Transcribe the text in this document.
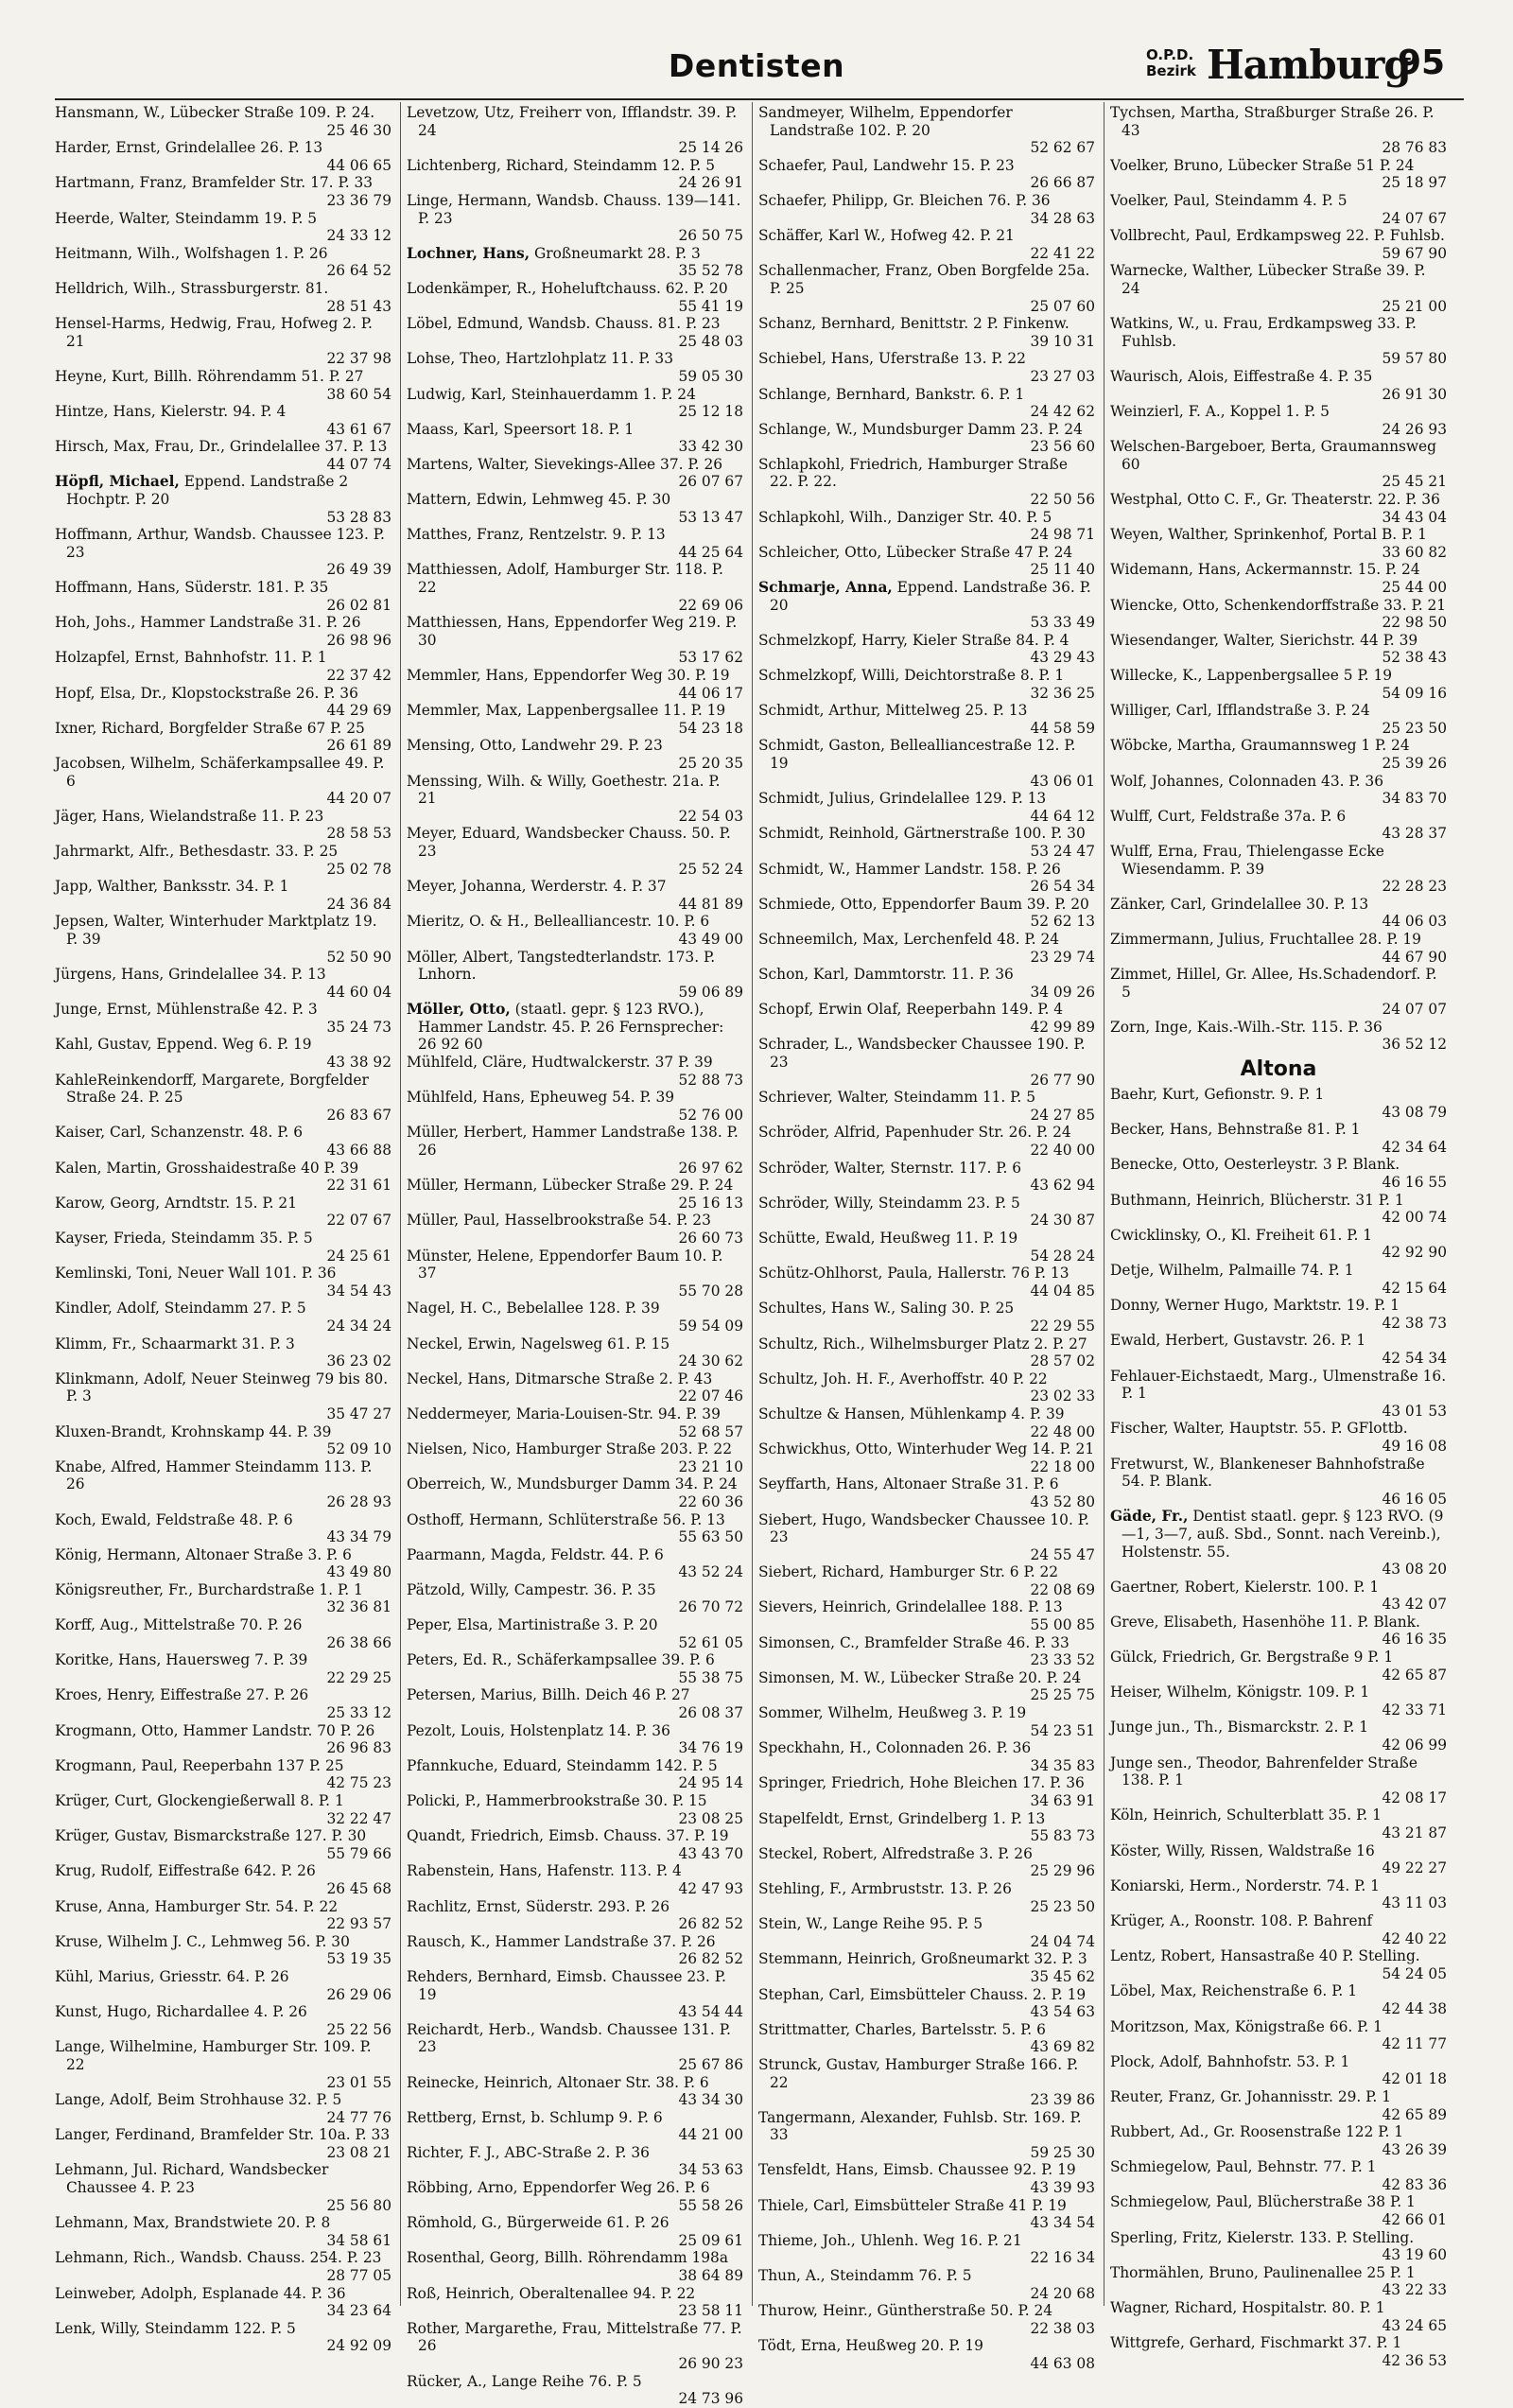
Dentisten	O.P.D.
Bezirk Hamburg
95
Hansmann, W., Lübecker Straße 109. P. 24.
25 46 30
Harder, Ernst, Grindelallee 26. P. 13
44 06 65
Hartmann, Franz, Bramfelder Str. 17. P. 33
23 36 79
Heerde, Walter, Steindamm 19. P. 5
24 33 12
Heitmann, Wilh., Wolfshagen 1. P. 26
26 64 52
Helldrich, Wilh., Strassburgerstr. 81.
28 51 43
Hensel-Harms, Hedwig, Frau, Hofweg 2. P. 21
22 37 98
Heyne, Kurt, Billh. Röhrendamm 51. P. 27
38 60 54
Hintze, Hans, Kielerstr. 94. P. 4
43 61 67
Hirsch, Max, Frau, Dr., Grindelallee 37. P. 13
44 07 74
Höpfl, Michael, Eppend. Landstraße 2 Hochptr. P. 20
53 28 83
Hoffmann, Arthur, Wandsb. Chaussee 123. P. 23
26 49 39
Hoffmann, Hans, Süderstr. 181. P. 35
26 02 81
Hoh, Johs., Hammer Landstraße 31. P. 26
26 98 96
Holzapfel, Ernst, Bahnhofstr. 11. P. 1
22 37 42
Hopf, Elsa, Dr., Klopstockstraße 26. P. 36
44 29 69
Ixner, Richard, Borgfelder Straße 67 P. 25
26 61 89
Jacobsen, Wilhelm, Schäferkampsallee 49. P. 6
44 20 07
Jäger, Hans, Wielandstraße 11. P. 23
28 58 53
Jahrmarkt, Alfr., Bethesdastr. 33. P. 25
25 02 78
Japp, Walther, Banksstr. 34. P. 1
24 36 84
Jepsen, Walter, Winterhuder Marktplatz 19. P. 39
52 50 90
Jürgens, Hans, Grindelallee 34. P. 13
44 60 04
Junge, Ernst, Mühlenstraße 42. P. 3
35 24 73
Kahl, Gustav, Eppend. Weg 6. P. 19
43 38 92
KahleReinkendorff, Margarete, Borgfelder Straße 24. P. 25
26 83 67
Kaiser, Carl, Schanzenstr. 48. P. 6
43 66 88
Kalen, Martin, Grosshaidestraße 40 P. 39
22 31 61
Karow, Georg, Arndtstr. 15. P. 21
22 07 67
Kayser, Frieda, Steindamm 35. P. 5
24 25 61
Kemlinski, Toni, Neuer Wall 101. P. 36
34 54 43
Kindler, Adolf, Steindamm 27. P. 5
24 34 24
Klimm, Fr., Schaarmarkt 31. P. 3
36 23 02
Klinkmann, Adolf, Neuer Steinweg 79 bis 80. P. 3
35 47 27
Kluxen-Brandt, Krohnskamp 44. P. 39
52 09 10
Knabe, Alfred, Hammer Steindamm 113. P. 26
26 28 93
Koch, Ewald, Feldstraße 48. P. 6
43 34 79
König, Hermann, Altonaer Straße 3. P. 6
43 49 80
Königsreuther, Fr., Burchardstraße 1. P. 1
32 36 81
Korff, Aug., Mittelstraße 70. P. 26
26 38 66
Koritke, Hans, Hauersweg 7. P. 39
22 29 25
Kroes, Henry, Eiffestraße 27. P. 26
25 33 12
Krogmann, Otto, Hammer Landstr. 70 P. 26
26 96 83
Krogmann, Paul, Reeperbahn 137 P. 25
42 75 23
Krüger, Curt, Glockengießerwall 8. P. 1
32 22 47
Krüger, Gustav, Bismarckstraße 127. P. 30
55 79 66
Krug, Rudolf, Eiffestraße 642. P. 26
26 45 68
Kruse, Anna, Hamburger Str. 54. P. 22
22 93 57
Kruse, Wilhelm J. C., Lehmweg 56. P. 30
53 19 35
Kühl, Marius, Griesstr. 64. P. 26
26 29 06
Kunst, Hugo, Richardallee 4. P. 26
25 22 56
Lange, Wilhelmine, Hamburger Str. 109. P. 22
23 01 55
Lange, Adolf, Beim Strohhause 32. P. 5
24 77 76
Langer, Ferdinand, Bramfelder Str. 10a. P. 33
23 08 21
Lehmann, Jul. Richard, Wandsbecker Chaussee 4. P. 23
25 56 80
Lehmann, Max, Brandstwiete 20. P. 8
34 58 61
Lehmann, Rich., Wandsb. Chauss. 254. P. 23
28 77 05
Leinweber, Adolph, Esplanade 44. P. 36
34 23 64
Lenk, Willy, Steindamm 122. P. 5
24 92 09
Levetzow, Utz, Freiherr von, Ifflandstr. 39. P. 24
25 14 26
Lichtenberg, Richard, Steindamm 12. P. 5
24 26 91
Linge, Hermann, Wandsb. Chauss. 139—141. P. 23
26 50 75
Lochner, Hans, Großneumarkt 28. P. 3
35 52 78
Lodenkämper, R., Hoheluftchauss. 62. P. 20
55 41 19
Löbel, Edmund, Wandsb. Chauss. 81. P. 23
25 48 03
Lohse, Theo, Hartzlohplatz 11. P. 33
59 05 30
Ludwig, Karl, Steinhauerdamm 1. P. 24
25 12 18
Maass, Karl, Speersort 18. P. 1
33 42 30
Martens, Walter, Sievekings-Allee 37. P. 26
26 07 67
Mattern, Edwin, Lehmweg 45. P. 30
53 13 47
Matthes, Franz, Rentzelstr. 9. P. 13
44 25 64
Matthiessen, Adolf, Hamburger Str. 118. P. 22
22 69 06
Matthiessen, Hans, Eppendorfer Weg 219. P. 30
53 17 62
Memmler, Hans, Eppendorfer Weg 30. P. 19
44 06 17
Memmler, Max, Lappenbergsallee 11. P. 19
54 23 18
Mensing, Otto, Landwehr 29. P. 23
25 20 35
Menssing, Wilh. & Willy, Goethestr. 21a. P. 21
22 54 03
Meyer, Eduard, Wandsbecker Chauss. 50. P. 23
25 52 24
Meyer, Johanna, Werderstr. 4. P. 37
44 81 89
Mieritz, O. & H., Bellealliancestr. 10. P. 6
43 49 00
Möller, Albert, Tangstedterlandstr. 173. P. Lnhorn.
59 06 89
Möller, Otto, (staatl. gepr. § 123 RVO.), Hammer Landstr. 45. P. 26 Fernsprecher: 26 92 60
Mühlfeld, Cläre, Hudtwalckerstr. 37 P. 39
52 88 73
Mühlfeld, Hans, Epheuweg 54. P. 39
52 76 00
Müller, Herbert, Hammer Landstraße 138. P. 26
26 97 62
Müller, Hermann, Lübecker Straße 29. P. 24
25 16 13
Müller, Paul, Hasselbrookstraße 54. P. 23
26 60 73
Münster, Helene, Eppendorfer Baum 10. P. 37
55 70 28
Nagel, H. C., Bebelallee 128. P. 39
59 54 09
Neckel, Erwin, Nagelsweg 61. P. 15
24 30 62
Neckel, Hans, Ditmarsche Straße 2. P. 43
22 07 46
Neddermeyer, Maria-Louisen-Str. 94. P. 39
52 68 57
Nielsen, Nico, Hamburger Straße 203. P. 22
23 21 10
Oberreich, W., Mundsburger Damm 34. P. 24
22 60 36
Osthoff, Hermann, Schlüterstraße 56. P. 13
55 63 50
Paarmann, Magda, Feldstr. 44. P. 6
43 52 24
Pätzold, Willy, Campestr. 36. P. 35
26 70 72
Peper, Elsa, Martinistraße 3. P. 20
52 61 05
Peters, Ed. R., Schäferkampsallee 39. P. 6
55 38 75
Petersen, Marius, Billh. Deich 46 P. 27
26 08 37
Pezolt, Louis, Holstenplatz 14. P. 36
34 76 19
Pfannkuche, Eduard, Steindamm 142. P. 5
24 95 14
Policki, P., Hammerbrookstraße 30. P. 15
23 08 25
Quandt, Friedrich, Eimsb. Chauss. 37. P. 19
43 43 70
Rabenstein, Hans, Hafenstr. 113. P. 4
42 47 93
Rachlitz, Ernst, Süderstr. 293. P. 26
26 82 52
Rausch, K., Hammer Landstraße 37. P. 26
26 82 52
Rehders, Bernhard, Eimsb. Chaussee 23. P. 19
43 54 44
Reichardt, Herb., Wandsb. Chaussee 131. P. 23
25 67 86
Reinecke, Heinrich, Altonaer Str. 38. P. 6
43 34 30
Rettberg, Ernst, b. Schlump 9. P. 6
44 21 00
Richter, F. J., ABC-Straße 2. P. 36
34 53 63
Röbbing, Arno, Eppendorfer Weg 26. P. 6
55 58 26
Römhold, G., Bürgerweide 61. P. 26
25 09 61
Rosenthal, Georg, Billh. Röhrendamm 198a
38 64 89
Roß, Heinrich, Oberaltenallee 94. P. 22
23 58 11
Rother, Margarethe, Frau, Mittelstraße 77. P. 26
26 90 23
Rücker, A., Lange Reihe 76. P. 5
24 73 96
Sandmeyer, Wilhelm, Eppendorfer Landstraße 102. P. 20
52 62 67
Schaefer, Paul, Landwehr 15. P. 23
26 66 87
Schaefer, Philipp, Gr. Bleichen 76. P. 36
34 28 63
Schäffer, Karl W., Hofweg 42. P. 21
22 41 22
Schallenmacher, Franz, Oben Borgfelde 25a. P. 25
25 07 60
Schanz, Bernhard, Benittstr. 2 P. Finkenw.
39 10 31
Schiebel, Hans, Uferstraße 13. P. 22
23 27 03
Schlange, Bernhard, Bankstr. 6. P. 1
24 42 62
Schlange, W., Mundsburger Damm 23. P. 24
23 56 60
Schlapkohl, Friedrich, Hamburger Straße 22. P. 22.
22 50 56
Schlapkohl, Wilh., Danziger Str. 40. P. 5
24 98 71
Schleicher, Otto, Lübecker Straße 47 P. 24
25 11 40
Schmarje, Anna, Eppend. Landstraße 36. P. 20
53 33 49
Schmelzkopf, Harry, Kieler Straße 84. P. 4
43 29 43
Schmelzkopf, Willi, Deichtorstraße 8. P. 1
32 36 25
Schmidt, Arthur, Mittelweg 25. P. 13
44 58 59
Schmidt, Gaston, Bellealliancestraße 12. P. 19
43 06 01
Schmidt, Julius, Grindelallee 129. P. 13
44 64 12
Schmidt, Reinhold, Gärtnerstraße 100. P. 30
53 24 47
Schmidt, W., Hammer Landstr. 158. P. 26
26 54 34
Schmiede, Otto, Eppendorfer Baum 39. P. 20
52 62 13
Schneemilch, Max, Lerchenfeld 48. P. 24
23 29 74
Schon, Karl, Dammtorstr. 11. P. 36
34 09 26
Schopf, Erwin Olaf, Reeperbahn 149. P. 4
42 99 89
Schrader, L., Wandsbecker Chaussee 190. P. 23
26 77 90
Schriever, Walter, Steindamm 11. P. 5
24 27 85
Schröder, Alfrid, Papenhuder Str. 26. P. 24
22 40 00
Schröder, Walter, Sternstr. 117. P. 6
43 62 94
Schröder, Willy, Steindamm 23. P. 5
24 30 87
Schütte, Ewald, Heußweg 11. P. 19
54 28 24
Schütz-Ohlhorst, Paula, Hallerstr. 76 P. 13
44 04 85
Schultes, Hans W., Saling 30. P. 25
22 29 55
Schultz, Rich., Wilhelmsburger Platz 2. P. 27
28 57 02
Schultz, Joh. H. F., Averhoffstr. 40 P. 22
23 02 33
Schultze & Hansen, Mühlenkamp 4. P. 39
22 48 00
Schwickhus, Otto, Winterhuder Weg 14. P. 21
22 18 00
Seyffarth, Hans, Altonaer Straße 31. P. 6
43 52 80
Siebert, Hugo, Wandsbecker Chaussee 10. P. 23
24 55 47
Siebert, Richard, Hamburger Str. 6 P. 22
22 08 69
Sievers, Heinrich, Grindelallee 188. P. 13
55 00 85
Simonsen, C., Bramfelder Straße 46. P. 33
23 33 52
Simonsen, M. W., Lübecker Straße 20. P. 24
25 25 75
Sommer, Wilhelm, Heußweg 3. P. 19
54 23 51
Speckhahn, H., Colonnaden 26. P. 36
34 35 83
Springer, Friedrich, Hohe Bleichen 17. P. 36
34 63 91
Stapelfeldt, Ernst, Grindelberg 1. P. 13
55 83 73
Steckel, Robert, Alfredstraße 3. P. 26
25 29 96
Stehling, F., Armbruststr. 13. P. 26
25 23 50
Stein, W., Lange Reihe 95. P. 5
24 04 74
Stemmann, Heinrich, Großneumarkt 32. P. 3
35 45 62
Stephan, Carl, Eimsbütteler Chauss. 2. P. 19
43 54 63
Strittmatter, Charles, Bartelsstr. 5. P. 6
43 69 82
Strunck, Gustav, Hamburger Straße 166. P. 22
23 39 86
Tangermann, Alexander, Fuhlsb. Str. 169. P. 33
59 25 30
Tensfeldt, Hans, Eimsb. Chaussee 92. P. 19
43 39 93
Thiele, Carl, Eimsbütteler Straße 41 P. 19
43 34 54
Thieme, Joh., Uhlenh. Weg 16. P. 21
22 16 34
Thun, A., Steindamm 76. P. 5
24 20 68
Thurow, Heinr., Güntherstraße 50. P. 24
22 38 03
Tödt, Erna, Heußweg 20. P. 19
44 63 08
Tychsen, Martha, Straßburger Straße 26. P. 43
28 76 83
Voelker, Bruno, Lübecker Straße 51 P. 24
25 18 97
Voelker, Paul, Steindamm 4. P. 5
24 07 67
Vollbrecht, Paul, Erdkampsweg 22. P. Fuhlsb.
59 67 90
Warnecke, Walther, Lübecker Straße 39. P. 24
25 21 00
Watkins, W., u. Frau, Erdkampsweg 33. P. Fuhlsb.
59 57 80
Waurisch, Alois, Eiffestraße 4. P. 35
26 91 30
Weinzierl, F. A., Koppel 1. P. 5
24 26 93
Welschen-Bargeboer, Berta, Graumannsweg 60
25 45 21
Westphal, Otto C. F., Gr. Theaterstr. 22. P. 36
34 43 04
Weyen, Walther, Sprinkenhof, Portal B. P. 1
33 60 82
Widemann, Hans, Ackermannstr. 15. P. 24
25 44 00
Wiencke, Otto, Schenkendorffstraße 33. P. 21
22 98 50
Wiesendanger, Walter, Sierichstr. 44 P. 39
52 38 43
Willecke, K., Lappenbergsallee 5 P. 19
54 09 16
Williger, Carl, Ifflandstraße 3. P. 24
25 23 50
Wöbcke, Martha, Graumannsweg 1 P. 24
25 39 26
Wolf, Johannes, Colonnaden 43. P. 36
34 83 70
Wulff, Curt, Feldstraße 37a. P. 6
43 28 37
Wulff, Erna, Frau, Thielengasse Ecke Wiesendamm. P. 39
22 28 23
Zänker, Carl, Grindelallee 30. P. 13
44 06 03
Zimmermann, Julius, Fruchtallee 28. P. 19
44 67 90
Zimmet, Hillel, Gr. Allee, Hs.Schadendorf. P. 5
24 07 07
Zorn, Inge, Kais.-Wilh.-Str. 115. P. 36
36 52 12
Altona
Baehr, Kurt, Gefionstr. 9. P. 1
43 08 79
Becker, Hans, Behnstraße 81. P. 1
42 34 64
Benecke, Otto, Oesterleystr. 3 P. Blank.
46 16 55
Buthmann, Heinrich, Blücherstr. 31 P. 1
42 00 74
Cwicklinsky, O., Kl. Freiheit 61. P. 1
42 92 90
Detje, Wilhelm, Palmaille 74. P. 1
42 15 64
Donny, Werner Hugo, Marktstr. 19. P. 1
42 38 73
Ewald, Herbert, Gustavstr. 26. P. 1
42 54 34
Fehlauer-Eichstaedt, Marg., Ulmenstraße 16. P. 1
43 01 53
Fischer, Walter, Hauptstr. 55. P. GFlottb.
49 16 08
Fretwurst, W., Blankeneser Bahnhofstraße 54. P. Blank.
46 16 05
Gäde, Fr., Dentist staatl. gepr. § 123 RVO. (9—1, 3—7, auß. Sbd., Sonnt. nach Vereinb.), Holstenstr. 55.
43 08 20
Gaertner, Robert, Kielerstr. 100. P. 1
43 42 07
Greve, Elisabeth, Hasenhöhe 11. P. Blank.
46 16 35
Gülck, Friedrich, Gr. Bergstraße 9 P. 1
42 65 87
Heiser, Wilhelm, Königstr. 109. P. 1
42 33 71
Junge jun., Th., Bismarckstr. 2. P. 1
42 06 99
Junge sen., Theodor, Bahrenfelder Straße 138. P. 1
42 08 17
Köln, Heinrich, Schulterblatt 35. P. 1
43 21 87
Köster, Willy, Rissen, Waldstraße 16
49 22 27
Koniarski, Herm., Norderstr. 74. P. 1
43 11 03
Krüger, A., Roonstr. 108. P. Bahrenf
42 40 22
Lentz, Robert, Hansastraße 40 P. Stelling.
54 24 05
Löbel, Max, Reichenstraße 6. P. 1
42 44 38
Moritzson, Max, Königstraße 66. P. 1
42 11 77
Plock, Adolf, Bahnhofstr. 53. P. 1
42 01 18
Reuter, Franz, Gr. Johannisstr. 29. P. 1
42 65 89
Rubbert, Ad., Gr. Roosenstraße 122 P. 1
43 26 39
Schmiegelow, Paul, Behnstr. 77. P. 1
42 83 36
Schmiegelow, Paul, Blücherstraße 38 P. 1
42 66 01
Sperling, Fritz, Kielerstr. 133. P. Stelling.
43 19 60
Thormählen, Bruno, Paulinenallee 25 P. 1
43 22 33
Wagner, Richard, Hospitalstr. 80. P. 1
43 24 65
Wittgrefe, Gerhard, Fischmarkt 37. P. 1
42 36 53
